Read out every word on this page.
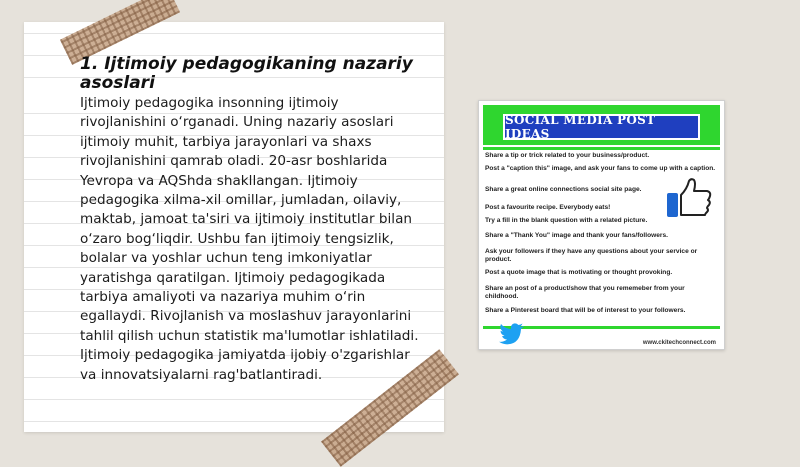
1. Ijtimoiy pedagogikaning nazariy asoslari

Ijtimoiy pedagogika insonning ijtimoiy rivojlanishini o‘rganadi. Uning nazariy asoslari ijtimoiy muhit, tarbiya jarayonlari va shaxs rivojlanishini qamrab oladi. 20-asr boshlarida Yevropa va AQShda shakllangan. Ijtimoiy pedagogika xilma-xil omillar, jumladan, oilaviy, maktab, jamoat ta'siri va ijtimoiy institutlar bilan o‘zaro bog‘liqdir. Ushbu fan ijtimoiy tengsizlik, bolalar va yoshlar uchun teng imkoniyatlar yaratishga qaratilgan. Ijtimoiy pedagogikada tarbiya amaliyoti va nazariya muhim o‘rin egallaydi. Rivojlanish va moslashuv jarayonlarini tahlil qilish uchun statistik ma'lumotlar ishlatiladi. Ijtimoiy pedagogika jamiyatda ijobiy o'zgarishlar va innovatsiyalarni rag'batlantiradi.

SOCIAL MEDIA POST IDEAS

Share a tip or trick related to your business/product.

Post a "caption this" image, and ask your fans to come up with a caption.

Share a great online connections social site page.

Post a favourite recipe. Everybody eats!

Try a fill in the blank question with a related picture.

Share a "Thank You" image and thank your fans/followers.

Ask your followers if they have any questions about your service or product.

Post a quote image that is motivating or thought provoking.

Share an post of a product/show that you rememeber from your childhood.

Share a Pinterest board that will be of interest to your followers.

www.ckitechconnect.com
